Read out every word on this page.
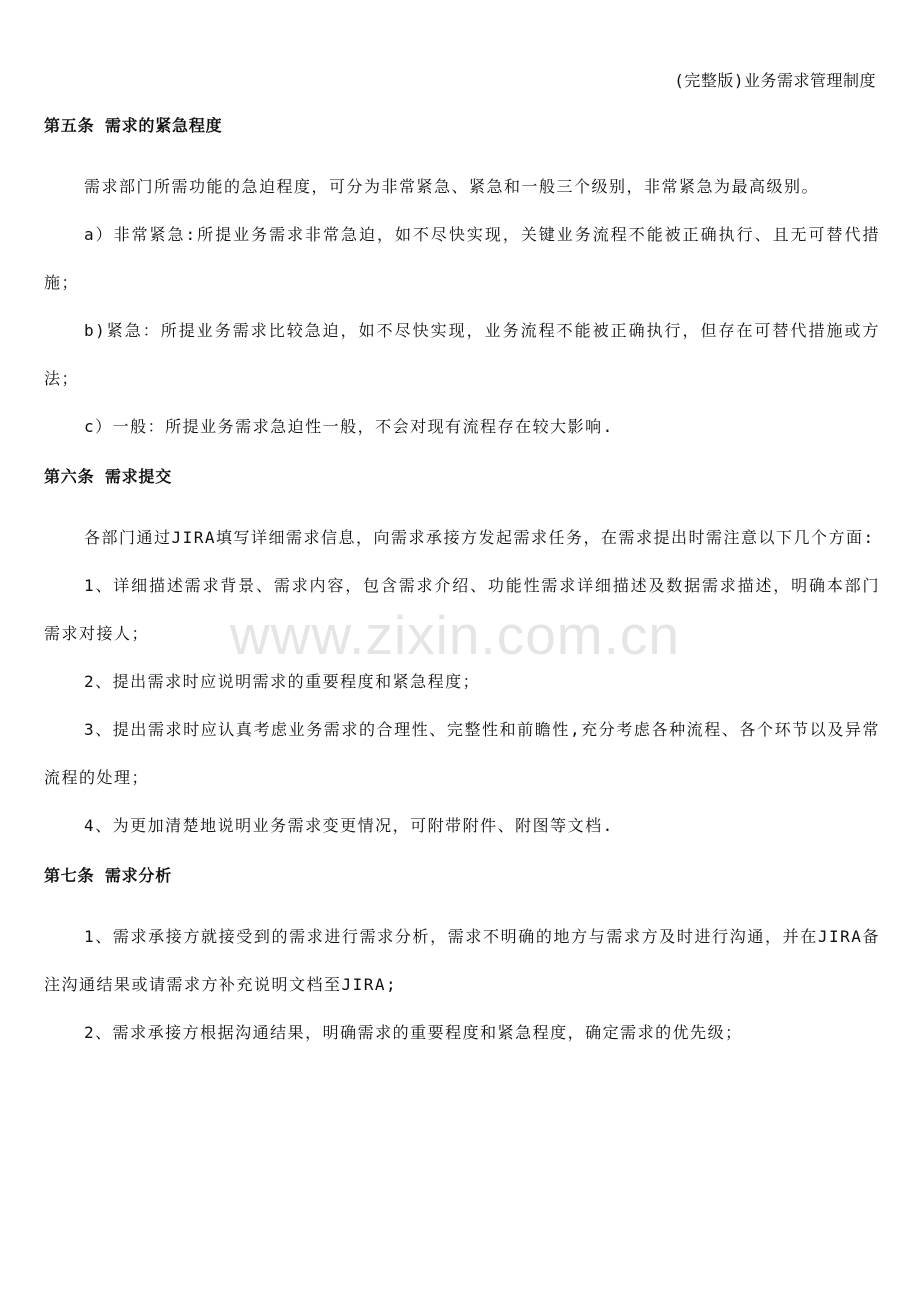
(完整版)业务需求管理制度
www.zixin.com.cn

第五条 需求的紧急程度

需求部门所需功能的急迫程度，可分为非常紧急、紧急和一般三个级别，非常紧急为最高级别。

a）非常紧急:所提业务需求非常急迫，如不尽快实现，关键业务流程不能被正确执行、且无可替代措施；

b)紧急：所提业务需求比较急迫，如不尽快实现，业务流程不能被正确执行，但存在可替代措施或方法；

c）一般：所提业务需求急迫性一般，不会对现有流程存在较大影响.

第六条 需求提交

各部门通过JIRA填写详细需求信息，向需求承接方发起需求任务，在需求提出时需注意以下几个方面:

1、详细描述需求背景、需求内容，包含需求介绍、功能性需求详细描述及数据需求描述，明确本部门需求对接人；

2、提出需求时应说明需求的重要程度和紧急程度；

3、提出需求时应认真考虑业务需求的合理性、完整性和前瞻性,充分考虑各种流程、各个环节以及异常流程的处理；

4、为更加清楚地说明业务需求变更情况，可附带附件、附图等文档.

第七条 需求分析

1、需求承接方就接受到的需求进行需求分析，需求不明确的地方与需求方及时进行沟通，并在JIRA备注沟通结果或请需求方补充说明文档至JIRA;

2、需求承接方根据沟通结果，明确需求的重要程度和紧急程度，确定需求的优先级；
